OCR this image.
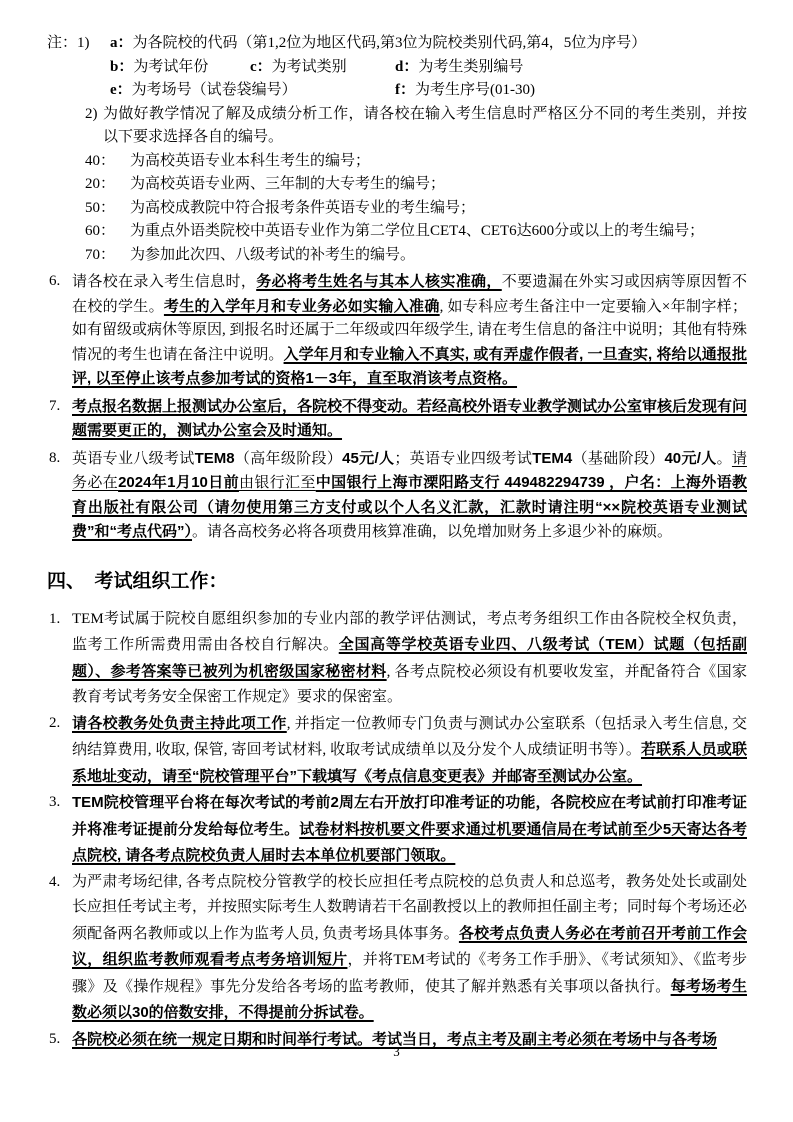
注：1) a：为各院校的代码（第1,2位为地区代码,第3位为院校类别代码,第4，5位为序号）
b：为考试年份	c：为考试类别	d：为考生类别编号
e：为考场号（试卷袋编号）	f：为考生序号(01-30)
2) 为做好教学情况了解及成绩分析工作，请各校在输入考生信息时严格区分不同的考生类别，并按以下要求选择各自的编号。
40： 为高校英语专业本科生考生的编号；
20： 为高校英语专业两、三年制的大专考生的编号；
50： 为高校成教院中符合报考条件英语专业的考生编号；
60： 为重点外语类院校中英语专业作为第二学位且CET4、CET6达600分或以上的考生编号；
70： 为参加此次四、八级考试的补考生的编号。
6. 请各校在录入考生信息时，务必将考生姓名与其本人核实准确，不要遗漏在外实习或因病等原因暂不在校的学生。考生的入学年月和专业务必如实输入准确, 如专科应考生备注中一定要输入×年制字样；如有留级或病休等原因, 到报名时还属于二年级或四年级学生, 请在考生信息的备注中说明；其他有特殊情况的考生也请在备注中说明。入学年月和专业输入不真实, 或有弄虚作假者, 一旦查实, 将给以通报批评, 以至停止该考点参加考试的资格1－3年，直至取消该考点资格。
7. 考点报名数据上报测试办公室后，各院校不得变动。若经高校外语专业教学测试办公室审核后发现有问题需要更正的，测试办公室会及时通知。
8. 英语专业八级考试TEM8（高年级阶段）45元/人；英语专业四级考试TEM4（基础阶段）40元/人。请务必在2024年1月10日前由银行汇至中国银行上海市溧阳路支行 449482294739 ，户名：上海外语教育出版社有限公司（请勿使用第三方支付或以个人名义汇款，汇款时请注明“××院校英语专业测试费”和“考点代码”）。请各高校务必将各项费用核算准确，以免增加财务上多退少补的麻烦。
四、　考试组织工作：
1. TEM考试属于院校自愿组织参加的专业内部的教学评估测试，考点考务组织工作由各院校全权负责，监考工作所需费用需由各校自行解决。全国高等学校英语专业四、八级考试（TEM）试题（包括副题）、参考答案等已被列为机密级国家秘密材料, 各考点院校必须设有机要收发室，并配备符合《国家教育考试考务安全保密工作规定》要求的保密室。
2. 请各校教务处负责主持此项工作, 并指定一位教师专门负责与测试办公室联系（包括录入考生信息, 交纳结算费用, 收取, 保管, 寄回考试材料, 收取考试成绩单以及分发个人成绩证明书等）。若联系人员或联系地址变动，请至“院校管理平台”下载填写《考点信息变更表》并邮寄至测试办公室。
3. TEM院校管理平台将在每次考试的考前2周左右开放打印准考证的功能，各院校应在考试前打印准考证并将准考证提前分发给每位考生。试卷材料按机要文件要求通过机要通信局在考试前至少5天寄达各考点院校, 请各考点院校负责人届时去本单位机要部门领取。
4. 为严肃考场纪律, 各考点院校分管教学的校长应担任考点院校的总负责人和总巡考，教务处处长或副处长应担任考试主考，并按照实际考生人数聘请若干名副教授以上的教师担任副主考；同时每个考场还必须配备两名教师或以上作为监考人员, 负责考场具体事务。各校考点负责人务必在考前召开考前工作会议，组织监考教师观看考点考务培训短片，并将TEM考试的《考务工作手册》、《考试须知》、《监考步骤》及《操作规程》事先分发给各考场的监考教师，使其了解并熟悉有关事项以备执行。每考场考生数必须以30的倍数安排，不得提前分拆试卷。
5. 各院校必须在统一规定日期和时间举行考试。考试当日，考点主考及副主考必须在考场中与各考场
3
